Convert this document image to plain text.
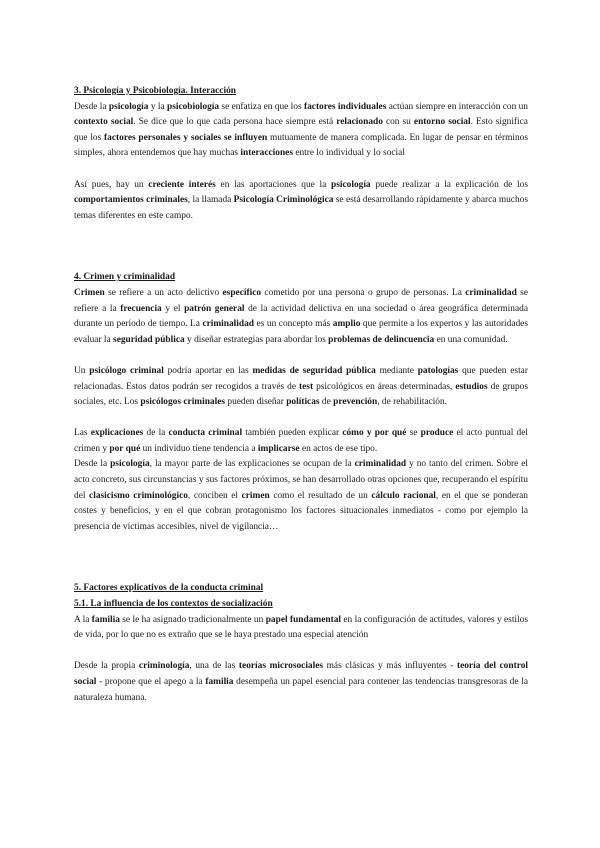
3. Psicología y Psicobiología. Interacción

Desde la psicología y la psicobiología se enfatiza en que los factores individuales actúan siempre en interacción con un contexto social. Se dice que lo que cada persona hace siempre está relacionado con su entorno social. Esto significa que los factores personales y sociales se influyen mutuamente de manera complicada. En lugar de pensar en términos simples, ahora entendemos que hay muchas interacciones entre lo individual y lo social

Así pues, hay un creciente interés en las aportaciones que la psicología puede realizar a la explicación de los comportamientos criminales, la llamada Psicología Criminológica se está desarrollando rápidamente y abarca muchos temas diferentes en este campo.

4. Crimen y criminalidad

Crimen se refiere a un acto delictivo específico cometido por una persona o grupo de personas. La criminalidad se refiere a la frecuencia y el patrón general de la actividad delictiva en una sociedad o área geográfica determinada durante un período de tiempo. La criminalidad es un concepto más amplio que permite a los expertos y las autoridades evaluar la seguridad pública y diseñar estrategias para abordar los problemas de delincuencia en una comunidad.

Un psicólogo criminal podría aportar en las medidas de seguridad pública mediante patologías que pueden estar relacionadas. Estos datos podrán ser recogidos a través de test psicológicos en áreas determinadas, estudios de grupos sociales, etc. Los psicólogos criminales pueden diseñar políticas de prevención, de rehabilitación.

Las explicaciones de la conducta criminal también pueden explicar cómo y por qué se produce el acto puntual del crimen y por qué un individuo tiene tendencia a implicarse en actos de ese tipo.

Desde la psicología, la mayor parte de las explicaciones se ocupan de la criminalidad y no tanto del crimen. Sobre el acto concreto, sus circunstancias y sus factores próximos, se han desarrollado otras opciones que, recuperando el espíritu del clasicismo criminológico, conciben el crimen como el resultado de un cálculo racional, en el que se ponderan costes y beneficios, y en el que cobran protagonismo los factores situacionales inmediatos - como por ejemplo la presencia de víctimas accesibles, nivel de vigilancia…

5. Factores explicativos de la conducta criminal

5.1. La influencia de los contextos de socialización

A la familia se le ha asignado tradicionalmente un papel fundamental en la configuración de actitudes, valores y estilos de vida, por lo que no es extraño que se le haya prestado una especial atención

Desde la propia criminología, una de las teorías microsociales más clásicas y más influyentes - teoría del control social - propone que el apego a la familia desempeña un papel esencial para contener las tendencias transgresoras de la naturaleza humana.
